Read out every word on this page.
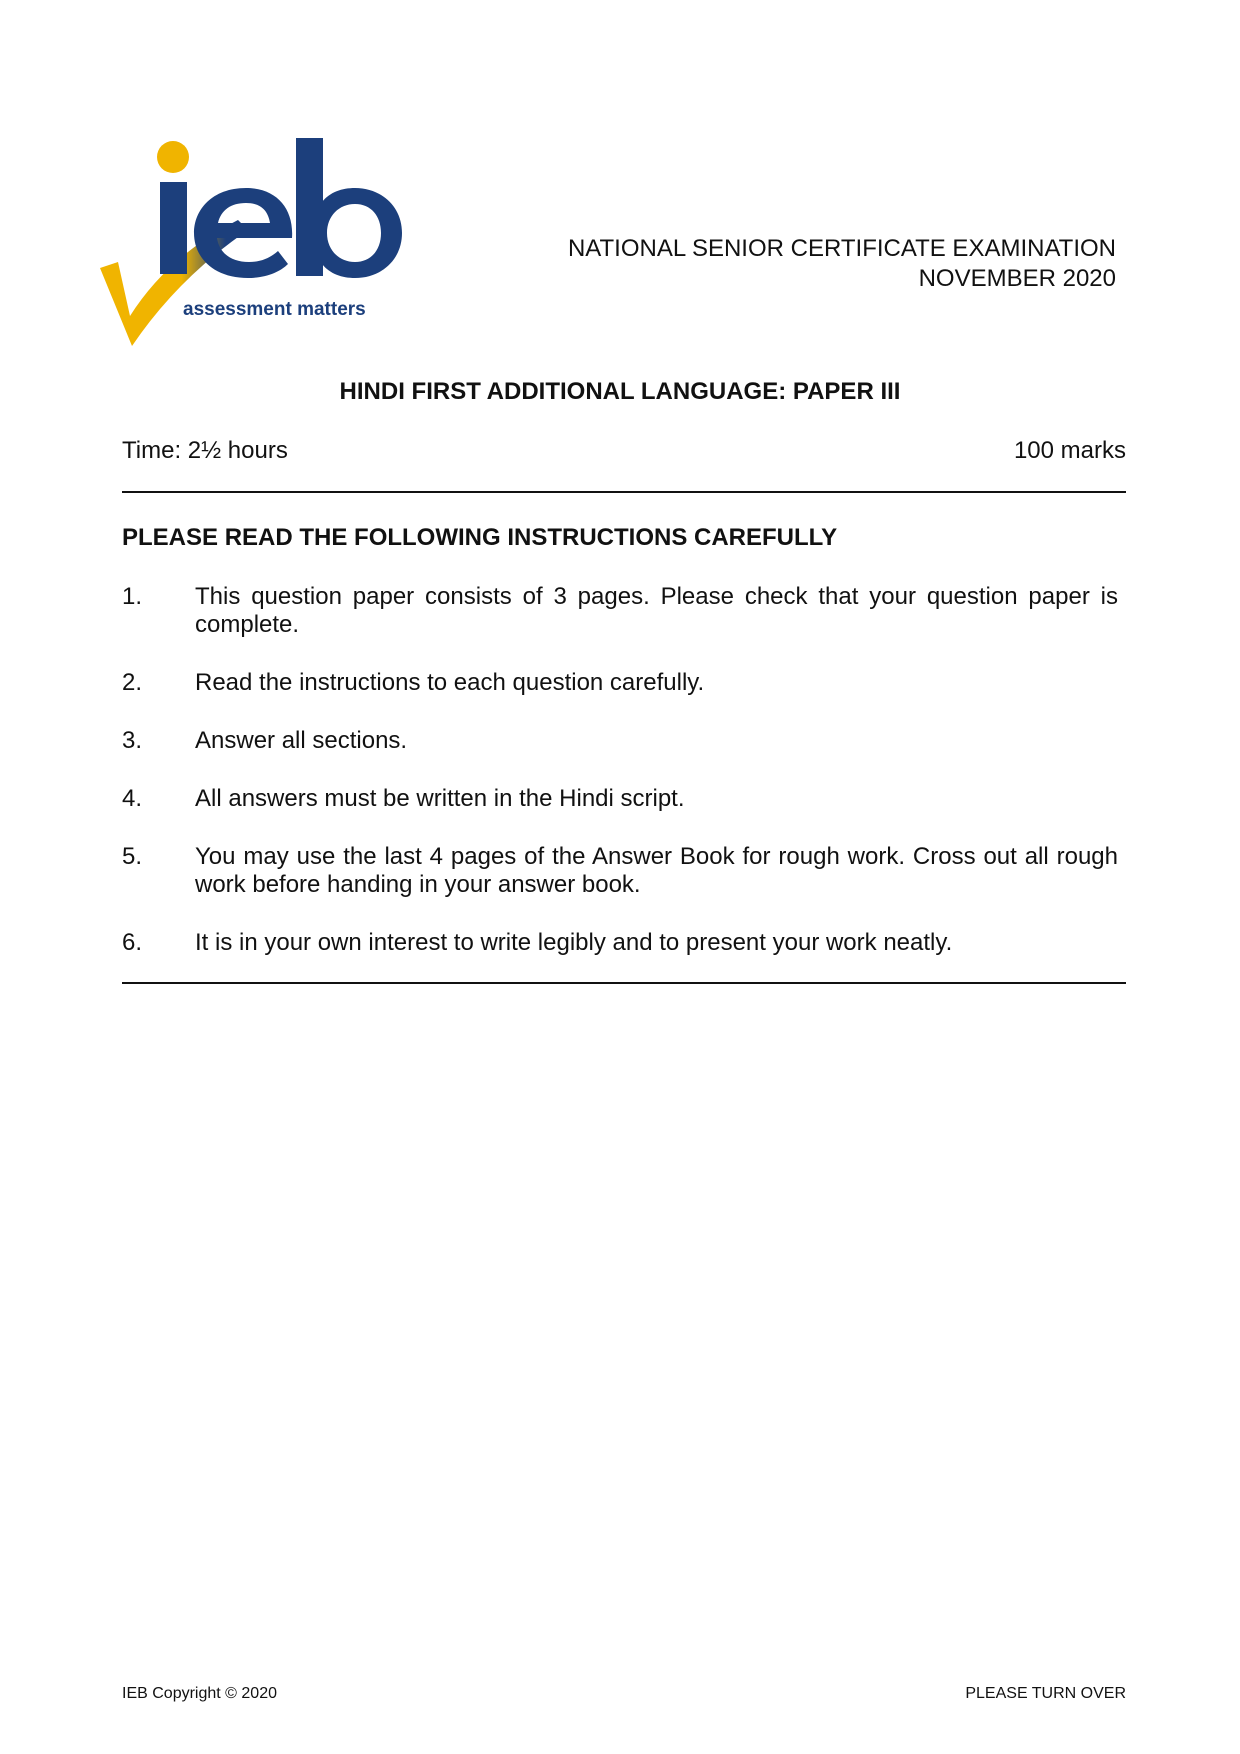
assessment matters
NATIONAL SENIOR CERTIFICATE EXAMINATION
NOVEMBER 2020
HINDI FIRST ADDITIONAL LANGUAGE: PAPER III
Time: 2½ hours	100 marks
PLEASE READ THE FOLLOWING INSTRUCTIONS CAREFULLY
1.	This question paper consists of 3 pages. Please check that your question paper is complete.
2.	Read the instructions to each question carefully.
3.	Answer all sections.
4.	All answers must be written in the Hindi script.
5.	You may use the last 4 pages of the Answer Book for rough work. Cross out all rough work before handing in your answer book.
6.	It is in your own interest to write legibly and to present your work neatly.
IEB Copyright © 2020	PLEASE TURN OVER
